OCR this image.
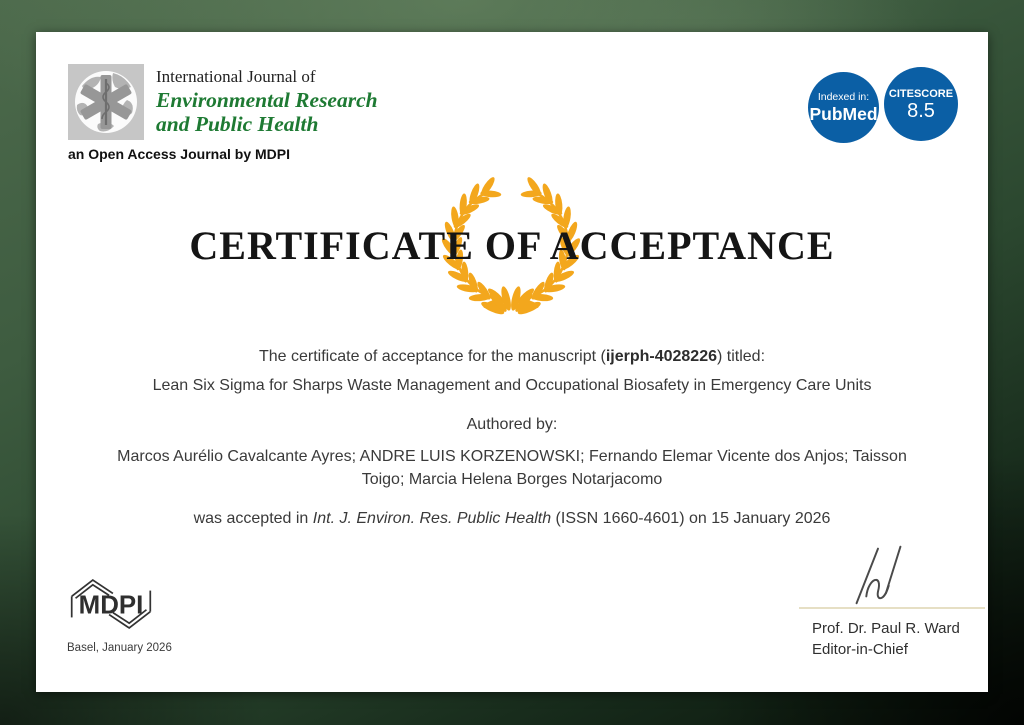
International Journal of
Environmental Research
and Public Health
an Open Access Journal by MDPI
Indexed in:
PubMed
CITESCORE
8.5
CERTIFICATE OF ACCEPTANCE
The certificate of acceptance for the manuscript (ijerph-4028226) titled:
Lean Six Sigma for Sharps Waste Management and Occupational Biosafety in Emergency Care Units
Authored by:
Marcos Aurélio Cavalcante Ayres; ANDRE LUIS KORZENOWSKI; Fernando Elemar Vicente dos Anjos; Taisson Toigo; Marcia Helena Borges Notarjacomo
was accepted in Int. J. Environ. Res. Public Health (ISSN 1660-4601) on 15 January 2026
MDPI
Basel, January 2026
Prof. Dr. Paul R. Ward
Editor-in-Chief
